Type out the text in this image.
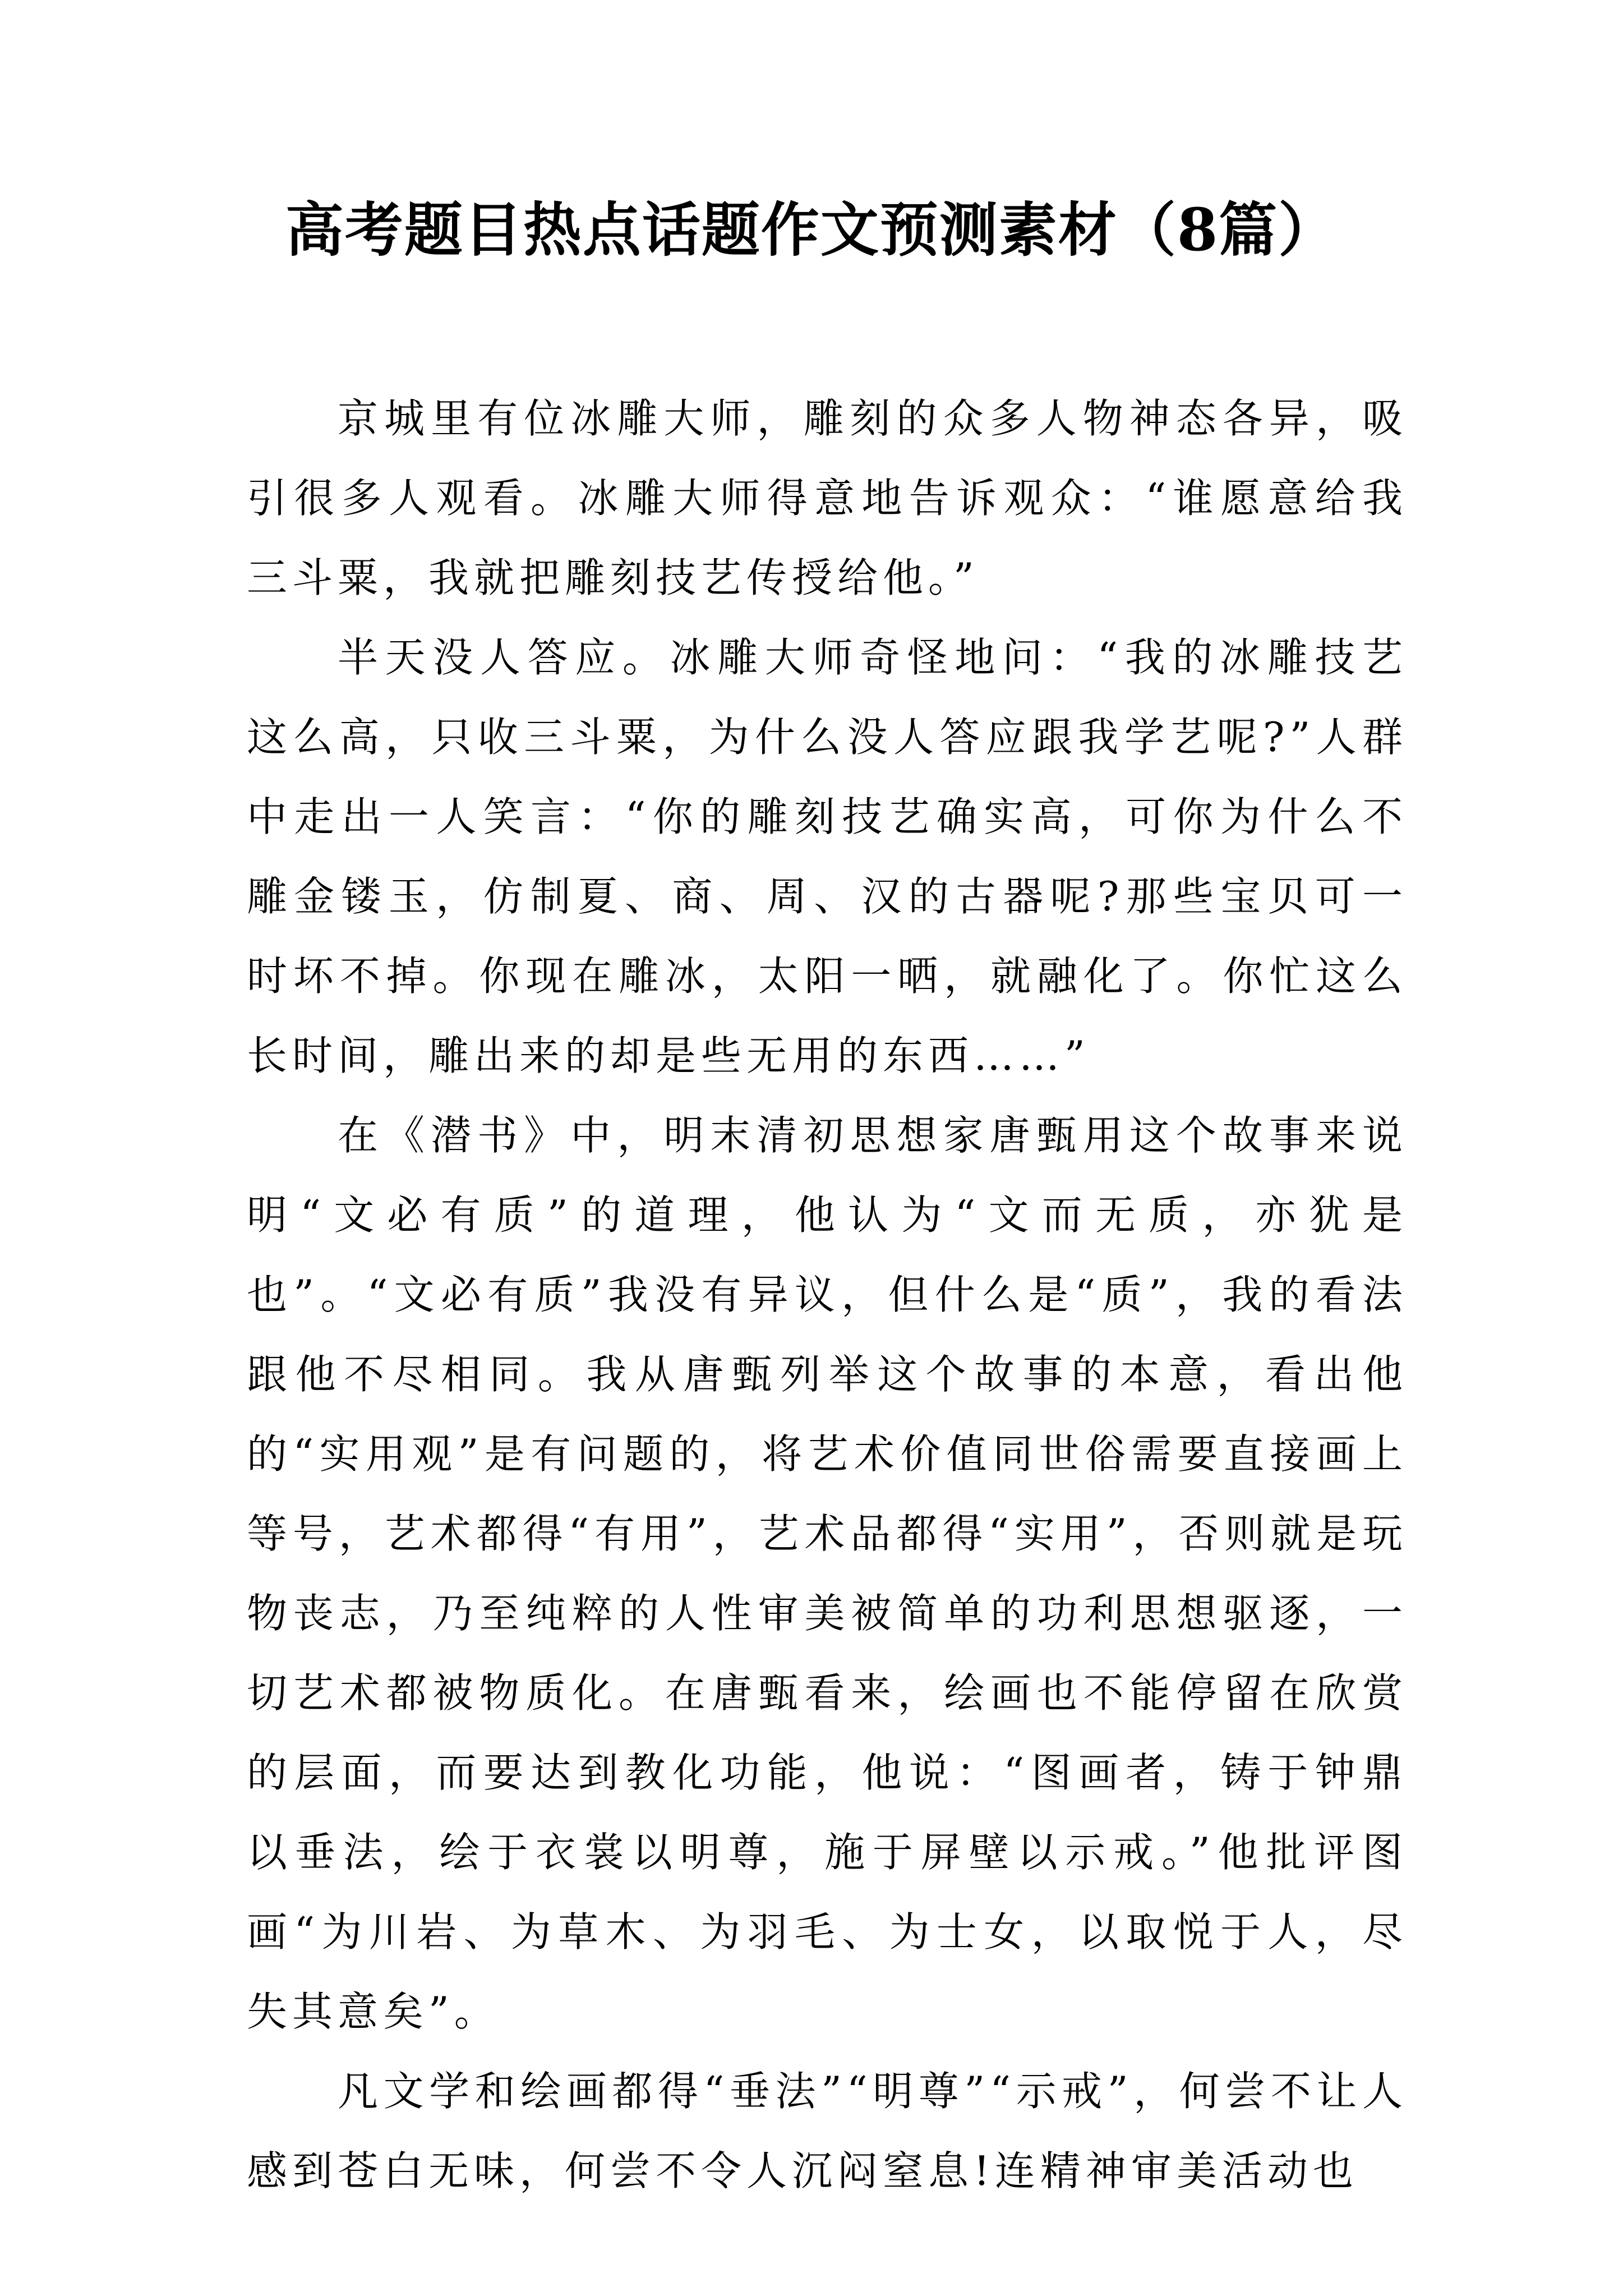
高考题目热点话题作文预测素材（8篇）

京城里有位冰雕大师，雕刻的众多人物神态各异，吸引很多人观看。冰雕大师得意地告诉观众：“谁愿意给我三斗粟，我就把雕刻技艺传授给他。”

半天没人答应。冰雕大师奇怪地问：“我的冰雕技艺这么高，只收三斗粟，为什么没人答应跟我学艺呢?”人群中走出一人笑言：“你的雕刻技艺确实高，可你为什么不雕金镂玉，仿制夏、商、周、汉的古器呢?那些宝贝可一时坏不掉。你现在雕冰，太阳一晒，就融化了。你忙这么长时间，雕出来的却是些无用的东西……”

在《潜书》中，明末清初思想家唐甄用这个故事来说明“文必有质”的道理，他认为“文而无质，亦犹是也”。“文必有质”我没有异议，但什么是“质”，我的看法跟他不尽相同。我从唐甄列举这个故事的本意，看出他的“实用观”是有问题的，将艺术价值同世俗需要直接画上等号，艺术都得“有用”，艺术品都得“实用”，否则就是玩物丧志，乃至纯粹的人性审美被简单的功利思想驱逐，一切艺术都被物质化。在唐甄看来，绘画也不能停留在欣赏的层面，而要达到教化功能，他说：“图画者，铸于钟鼎以垂法，绘于衣裳以明尊，施于屏壁以示戒。”他批评图画“为川岩、为草木、为羽毛、为士女，以取悦于人，尽失其意矣”。

凡文学和绘画都得“垂法”“明尊”“示戒”，何尝不让人感到苍白无味，何尝不令人沉闷窒息!连精神审美活动也
